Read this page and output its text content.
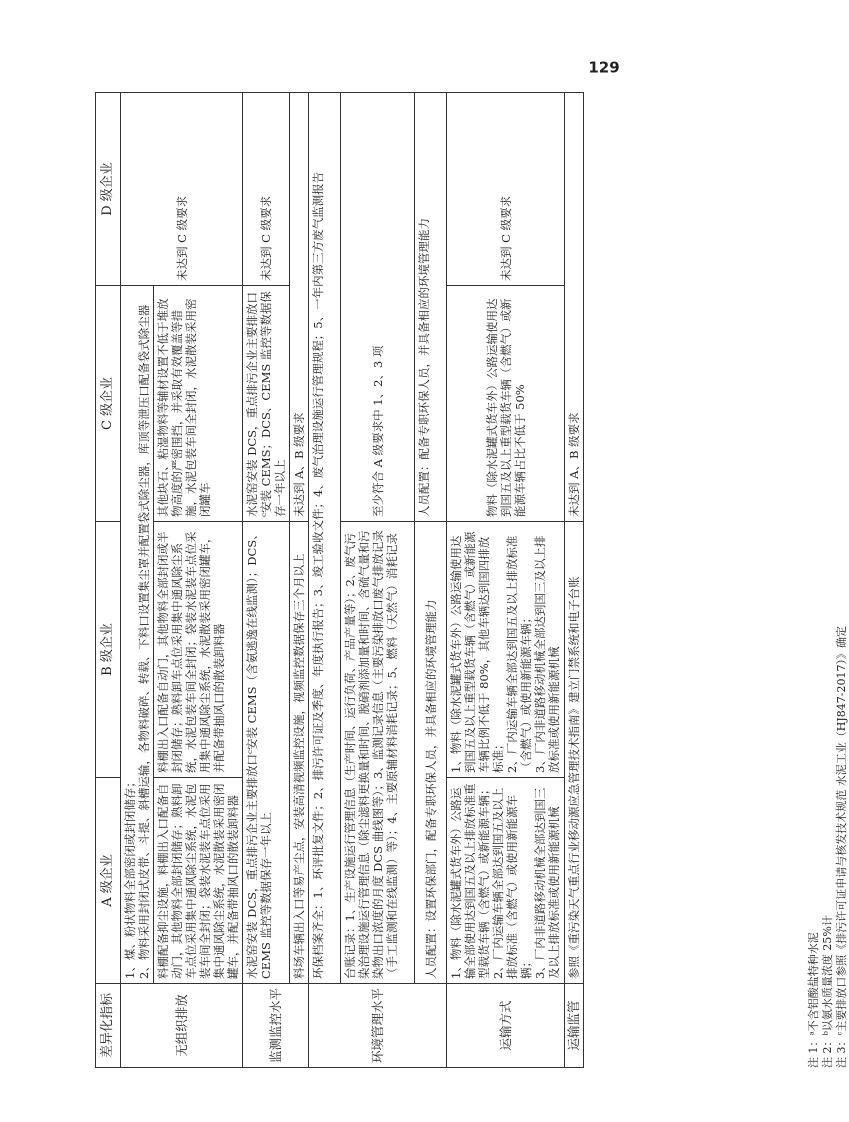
差异化指标	A 级企业	B 级企业	C 级企业	D 级企业
无组织排放	1、煤、粉状物料全部密闭或封闭储存； 2、物料采用封闭式皮带、斗提、斜槽运输，各物料破碎、转载、下料口设置集尘罩并配置袋式除尘器，库顶等泄压口配备袋式除尘器			未达到 C 级要求
	料棚配备抑尘设施，料棚出入口配备自动门，其他物料全部封闭储存；熟料卸车点位采用集中通风除尘系统，水泥包装车间全封闭；袋装水泥装车点位采用集中通风除尘系统，水泥散装采用密闭罐车，并配备带抽风口的散装卸料器	料棚出入口配备自动门，其他物料全部封闭或半封闭储存；熟料卸车点位采用集中通风除尘系统，水泥包装车间全封闭；袋装水泥装车点位采用集中通风除尘系统，水泥散装采用密闭罐车，并配备带抽风口的散装卸料器	其他块石、粘湿物料等辅材设置不低于堆放物高度的严密围挡，并采取有效覆盖等措施，水泥包装车间全封闭，水泥散装采用密闭罐车	
监测监控水平	水泥窑安装 DCS，重点排污企业主要排放口ᶜ安装 CEMS（含氨逃逸在线监测）；DCS、CEMS 监控等数据保存一年以上		水泥窑安装 DCS，重点排污企业主要排放口ᶜ安装 CEMS；DCS、CEMS 监控等数据保存一年以上	未达到 C 级要求
	料场车辆出入口等易产尘点，安装高清视频监控设施，视频监控数据保存三个月以上		未达到 A、B 级要求	
环境管理水平	环保档案齐全：1、环评批复文件；2、排污许可证及季度、年度执行报告；3、竣工验收文件；4、废气治理设施运行管理规程；5、一年内第三方废气监测报告			
	台账记录：1、生产设施运行管理信息（生产时间、运行负荷、产品产量等）；2、废气污染治理设施运行管理信息（除尘滤料更换量和时间、脱硝剂添加量和时间、含硫气量和污染物出口浓度的月度 DCS 曲线图等）；3、监测记录信息（主要污染排放口废气排放记录（手工监测和在线监测）等）；4、主要原辅材料消耗记录；5、燃料（天然气）消耗记录		至少符合 A 级要求中 1、2、3 项	
	人员配置：设置环保部门，配备专职环保人员，并具备相应的环境管理能力		人员配置：配备专职环保人员，并具备相应的环境管理能力	
运输方式	1、物料（除水泥罐式货车外）公路运输全部使用达到国五及以上排放标准重型载货车辆（含燃气）或新能源车辆； 2、厂内运输车辆全部达到国五及以上排放标准（含燃气）或使用新能源车辆； 3、厂内非道路移动机械全部达到国三及以上排放标准或使用新能源机械	1、物料（除水泥罐式货车外）公路运输使用达到国五及以上重型载货车辆（含燃气）或新能源车辆比例不低于 80%，其他车辆达到国四排放标准； 2、厂内运输车辆全部达到国五及以上排放标准（含燃气）或使用新能源车辆； 3、厂内非道路移动机械全部达到国三及以上排放标准或使用新能源机械	物料（除水泥罐式货车外）公路运输使用达到国五及以上重型载货车辆（含燃气）或新能源车辆占比不低于 50%	未达到 C 级要求
运输监管	参照《重污染天气重点行业移动源应急管理技术指南》建立门禁系统和电子台账		未达到 A、B 级要求	
注 1：ᵃ不含铝酸盐特种水泥 注 2：ᵇ以氨水质量浓度 25%计 注 3：ᶜ主要排放口参照《排污许可证申请与核发技术规范 水泥工业（HJ847-2017）》确定
129
